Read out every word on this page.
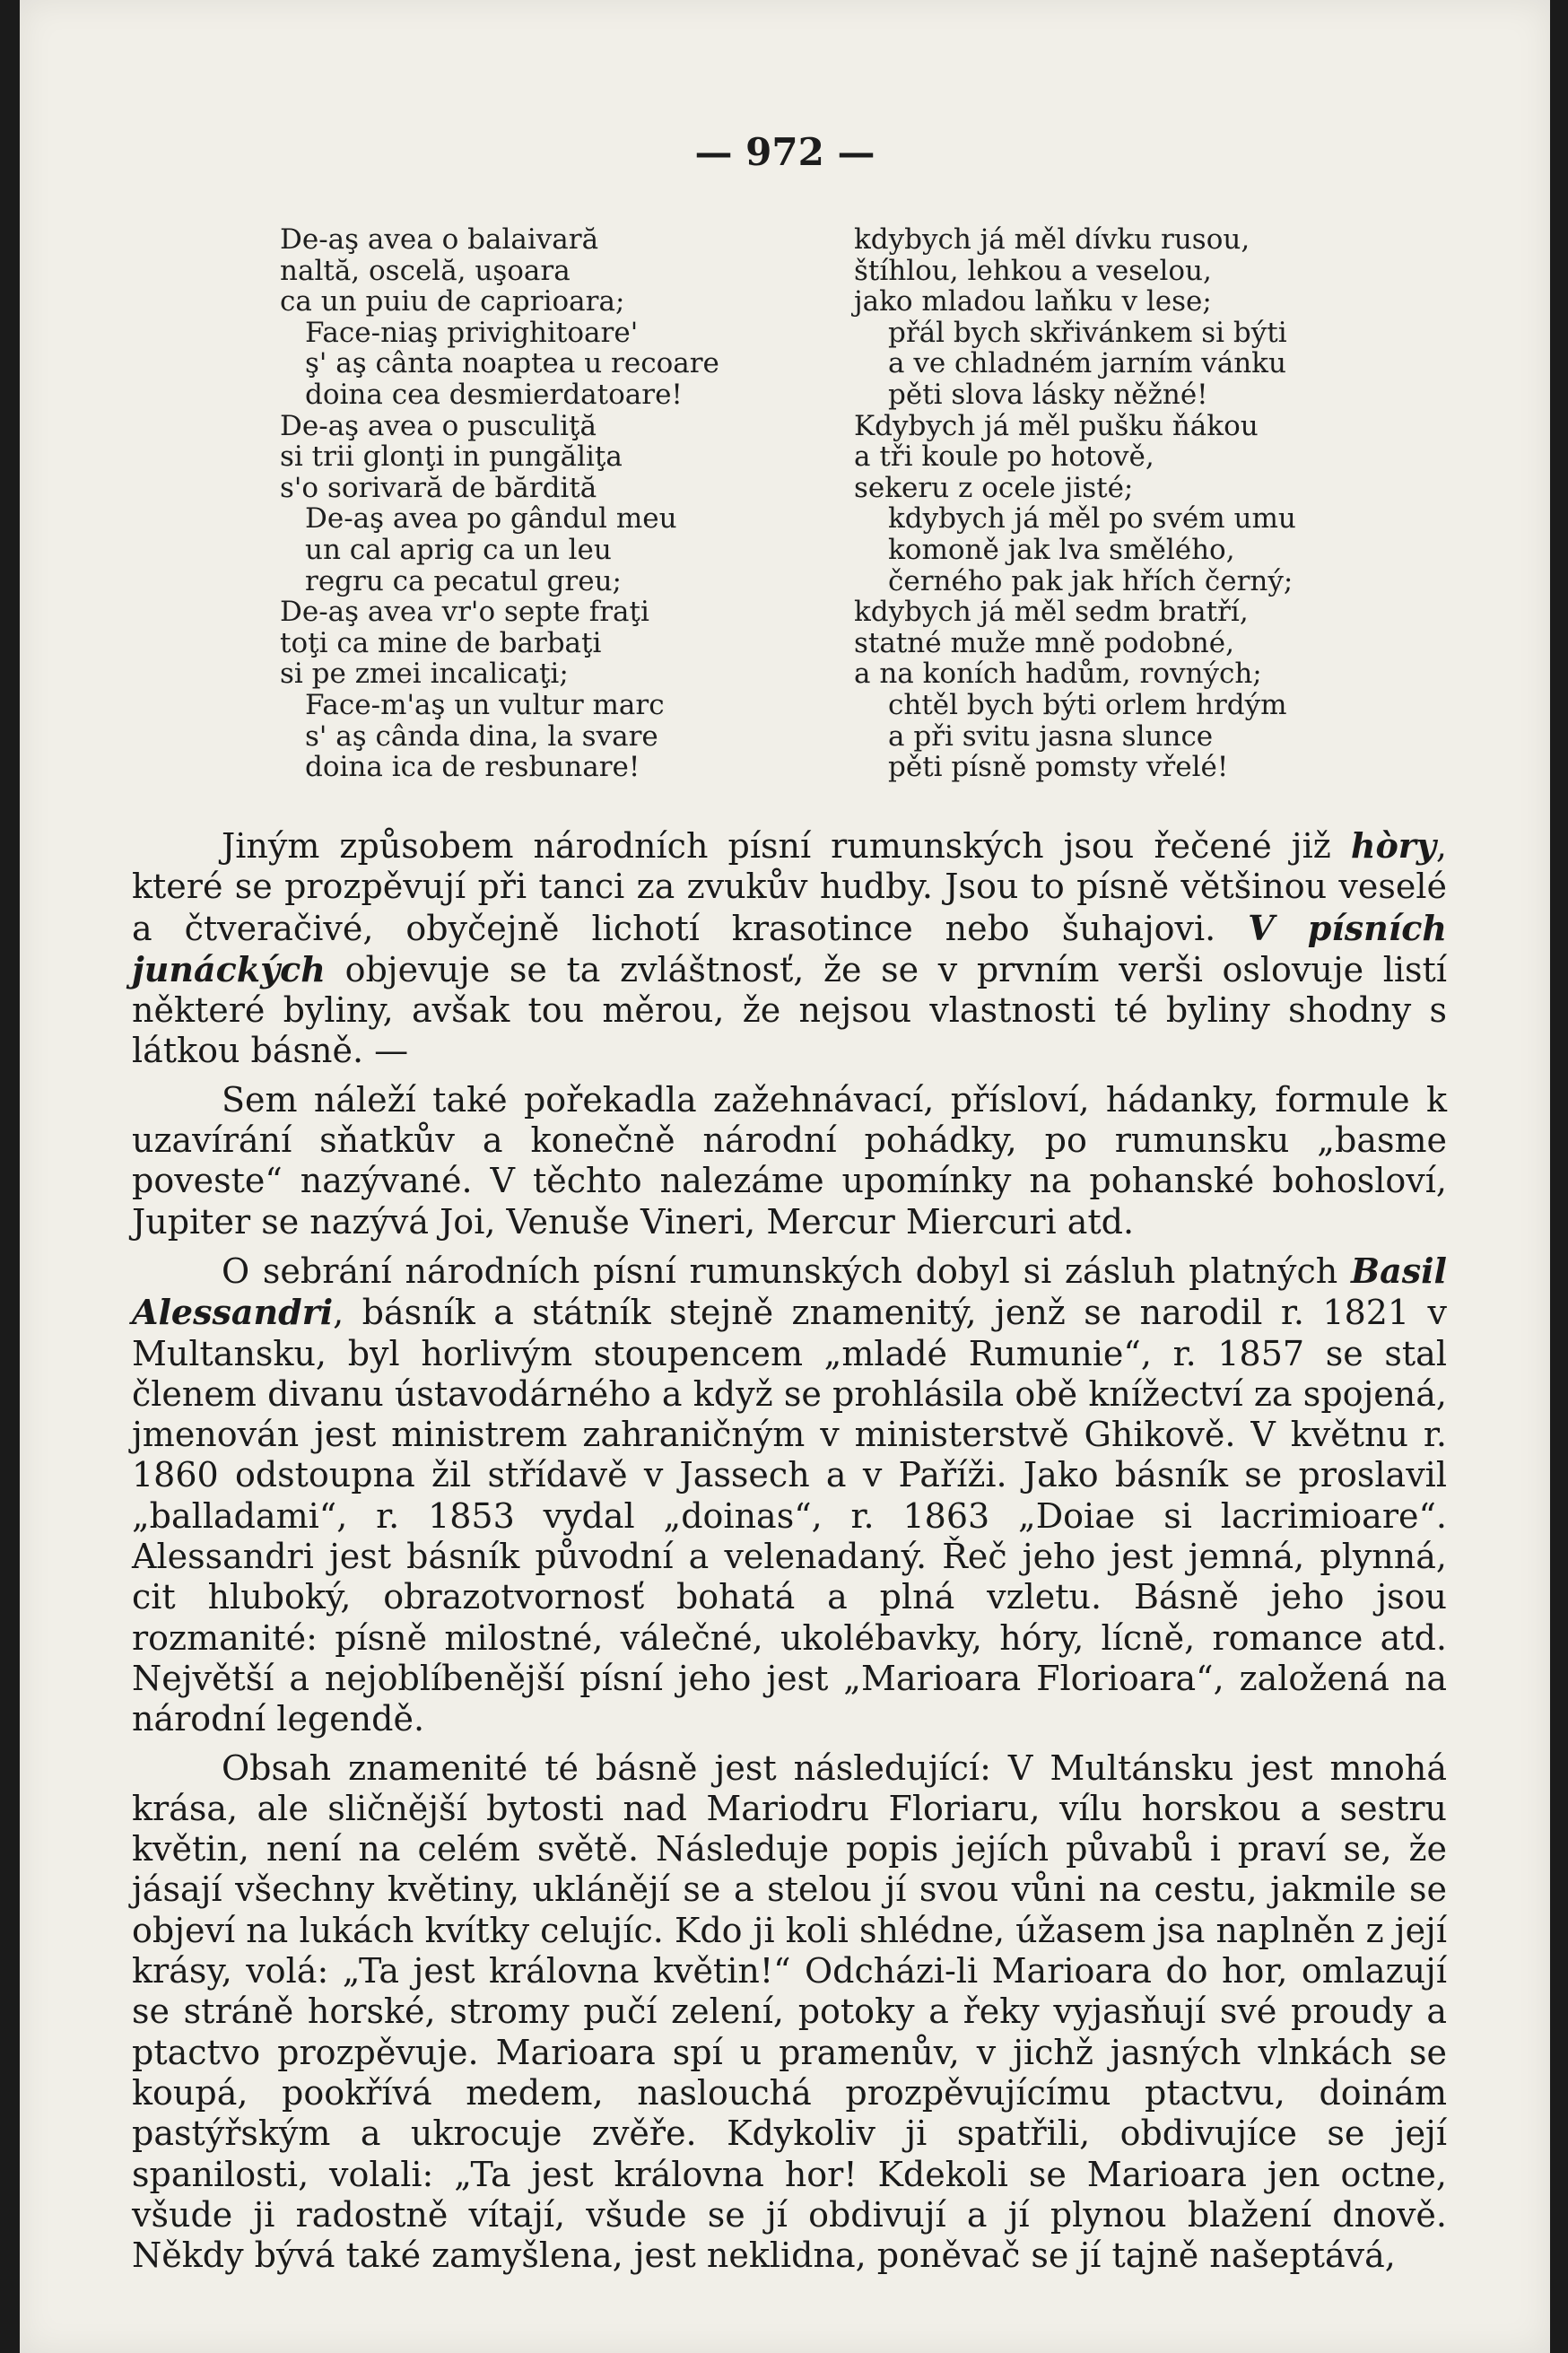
— 972 —
De-aş avea o balaivară
naltă, oscelă, uşoara
ca un puiu de caprioara;
Face-niaş privighitoare'
ş' aş cânta noaptea u recoare
doina cea desmierdatoare!
De-aş avea o pusculiţă
si trii glonţi in pungăliţa
s'o sorivară de bărdită
De-aş avea po gândul meu
un cal aprig ca un leu
regru ca pecatul greu;
De-aş avea vr'o septe fraţi
toţi ca mine de barbaţi
si pe zmei incalicaţi;
Face-m'aş un vultur marc
s' aş cânda dina, la svare
doina ica de resbunare!
kdybych já měl dívku rusou,
štíhlou, lehkou a veselou,
jako mladou laňku v lese;
přál bych skřivánkem si býti
a ve chladném jarním vánku
pěti slova lásky něžné!
Kdybych já měl pušku ňákou
a tři koule po hotově,
sekeru z ocele jisté;
kdybych já měl po svém umu
komoně jak lva smělého,
černého pak jak hřích černý;
kdybych já měl sedm bratří,
statné muže mně podobné,
a na koních hadům, rovných;
chtěl bych býti orlem hrdým
a při svitu jasna slunce
pěti písně pomsty vřelé!

Jiným způsobem národních písní rumunských jsou řečené již hòry, které se prozpěvují při tanci za zvukův hudby. Jsou to písně většinou veselé a čtveračivé, obyčejně lichotí krasotince nebo šuhajovi. V písních junáckých objevuje se ta zvláštnosť, že se v prvním verši oslovuje listí některé byliny, avšak tou měrou, že nejsou vlastnosti té byliny shodny s látkou básně. —

Sem náleží také pořekadla zažehnávací, přísloví, hádanky, formule k uzavírání sňatkův a konečně národní pohádky, po rumunsku „basme poveste“ nazývané. V těchto nalezáme upomínky na pohanské bohosloví, Jupiter se nazývá Joi, Venuše Vineri, Mercur Miercuri atd.

O sebrání národních písní rumunských dobyl si zásluh platných Basil Alessandri, básník a státník stejně znamenitý, jenž se narodil r. 1821 v Multansku, byl horlivým stoupencem „mladé Rumunie“, r. 1857 se stal členem divanu ústavodárného a když se prohlásila obě knížectví za spojená, jmenován jest ministrem zahraničným v ministerstvě Ghikově. V květnu r. 1860 odstoupna žil střídavě v Jassech a v Paříži. Jako básník se proslavil „balladami“, r. 1853 vydal „doinas“, r. 1863 „Doiae si lacrimioare“. Alessandri jest básník původní a velenadaný. Řeč jeho jest jemná, plynná, cit hluboký, obrazotvornosť bohatá a plná vzletu. Básně jeho jsou rozmanité: písně milostné, válečné, ukolébavky, hóry, lícně, romance atd. Největší a nejoblíbenější písní jeho jest „Marioara Florioara“, založená na národní legendě.

Obsah znamenité té básně jest následující: V Multánsku jest mnohá krása, ale sličnější bytosti nad Mariodru Floriaru, vílu horskou a sestru květin, není na celém světě. Následuje popis jejích půvabů i praví se, že jásají všechny květiny, uklánějí se a stelou jí svou vůni na cestu, jakmile se objeví na lukách kvítky celujíc. Kdo ji koli shlédne, úžasem jsa naplněn z její krásy, volá: „Ta jest královna květin!“ Odcházi-li Marioara do hor, omlazují se stráně horské, stromy pučí zelení, potoky a řeky vyjasňují své proudy a ptactvo prozpěvuje. Marioara spí u pramenův, v jichž jasných vlnkách se koupá, pookřívá medem, naslouchá prozpěvujícímu ptactvu, doinám pastýřským a ukrocuje zvěře. Kdykoliv ji spatřili, obdivujíce se její spanilosti, volali: „Ta jest královna hor! Kdekoli se Marioara jen octne, všude ji radostně vítají, všude se jí obdivují a jí plynou blažení dnově. Někdy bývá také zamyšlena, jest neklidna, poněvač se jí tajně našeptává,
